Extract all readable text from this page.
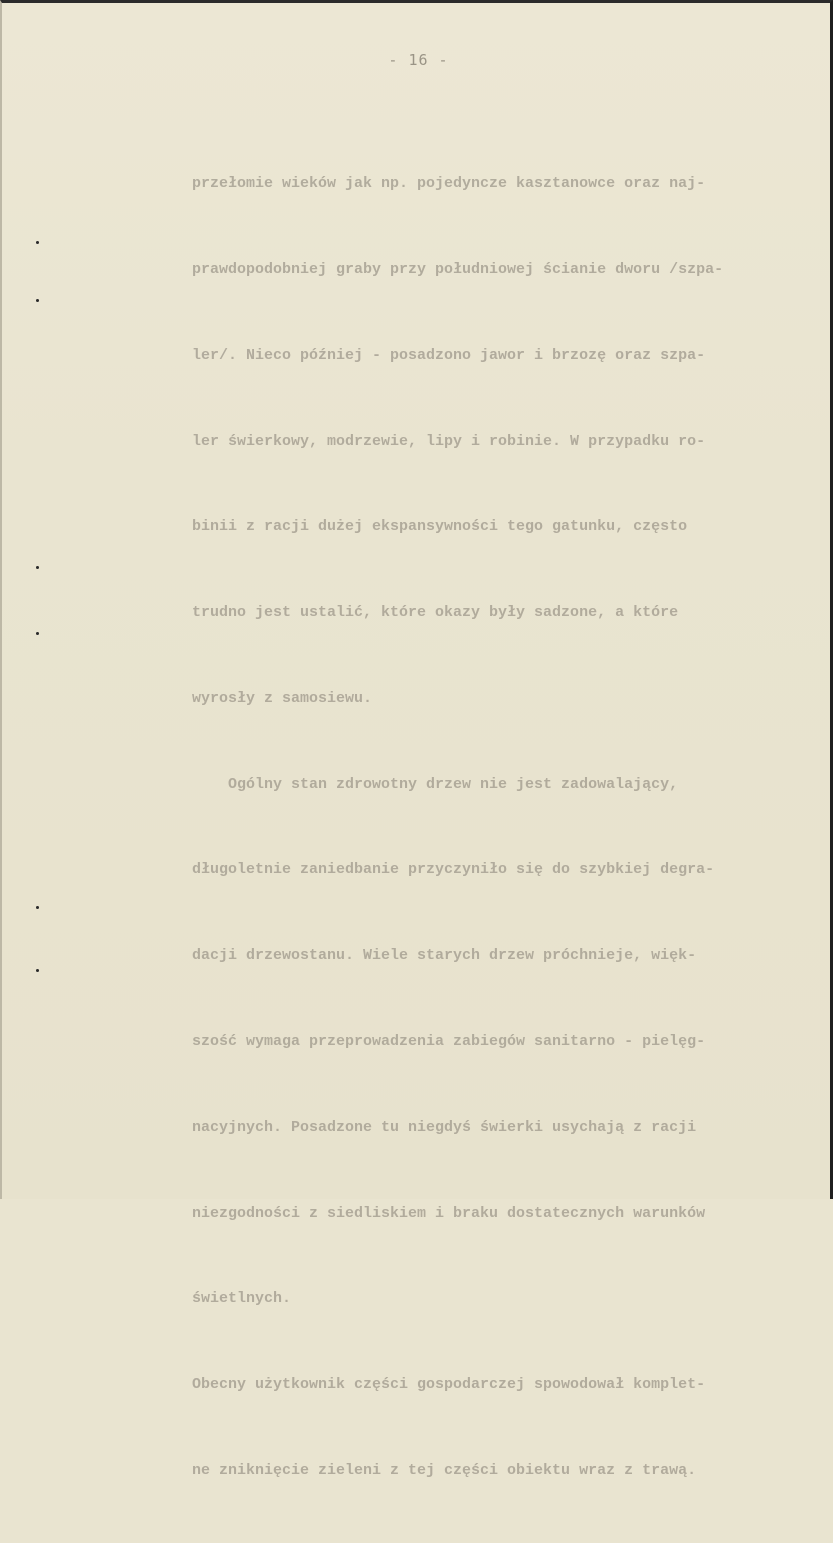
- 16 -

przełomie wieków jak np. pojedyncze kasztanowce oraz naj-

prawdopodobniej graby przy południowej ścianie dworu /szpa-

ler/. Nieco później - posadzono jawor i brzozę oraz szpa-

ler świerkowy, modrzewie, lipy i robinie. W przypadku ro-

binii z racji dużej ekspansywności tego gatunku, często

trudno jest ustalić, które okazy były sadzone, a które

wyrosły z samosiewu.

Ogólny stan zdrowotny drzew nie jest zadowalający,

długoletnie zaniedbanie przyczyniło się do szybkiej degra-

dacji drzewostanu. Wiele starych drzew próchnieje, więk-

szość wymaga przeprowadzenia zabiegów sanitarno - pielęg-

nacyjnych. Posadzone tu niegdyś świerki usychają z racji

niezgodności z siedliskiem i braku dostatecznych warunków

świetlnych.

Obecny użytkownik części gospodarczej spowodował komplet-

ne zniknięcie zieleni z tej części obiektu wraz z trawą.
